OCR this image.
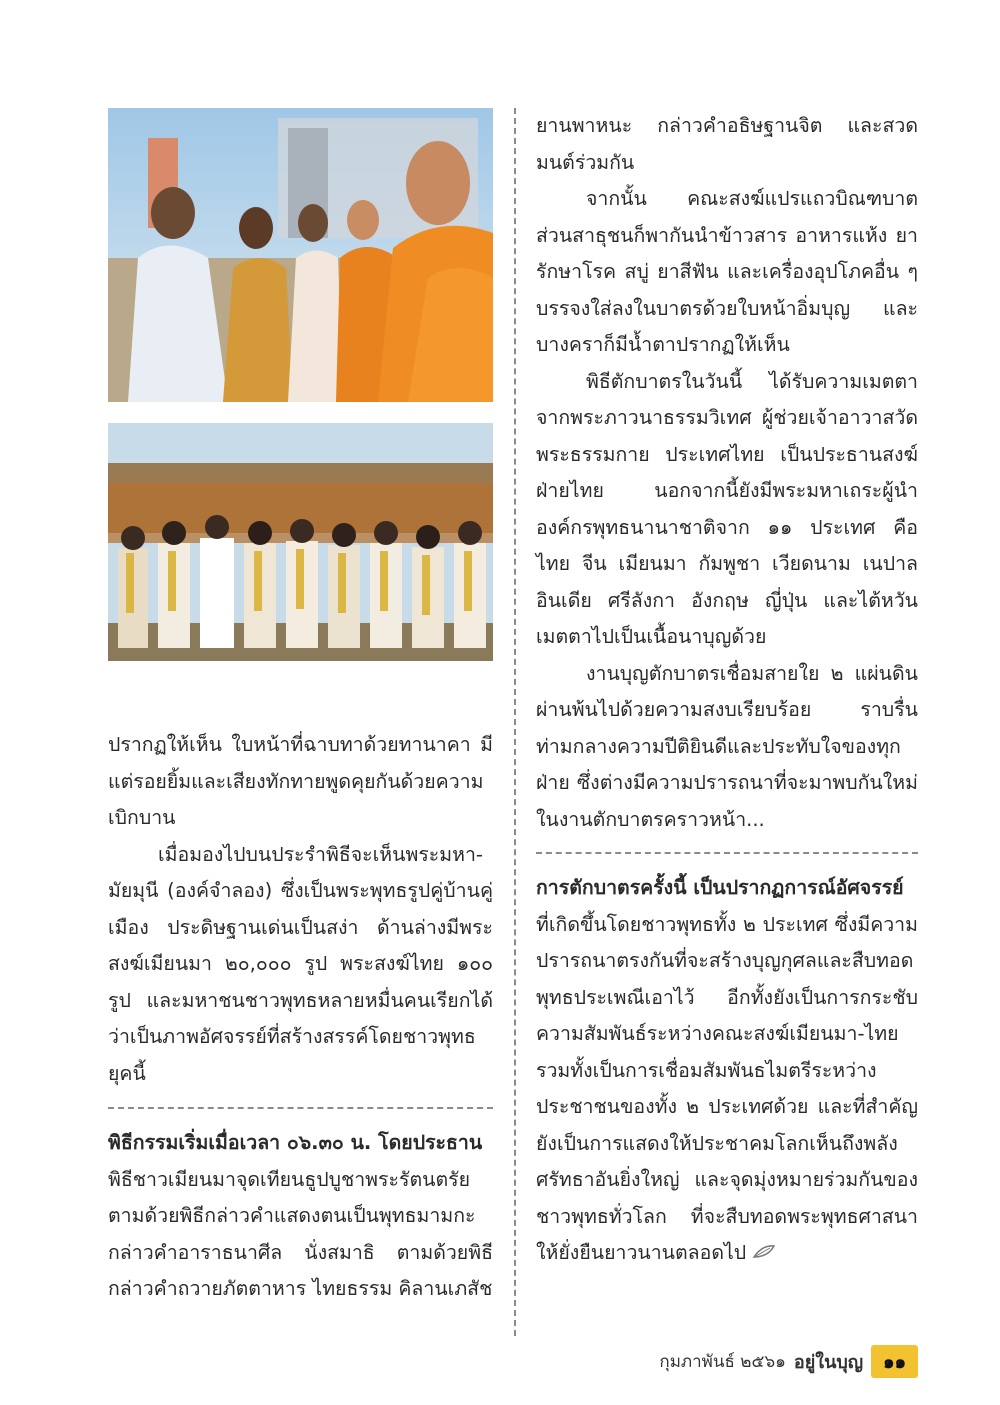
ปรากฏให้เห็น ใบหน้าที่ฉาบทาด้วยทานาคา มีแต่รอยยิ้มและเสียงทักทายพูดคุยกันด้วยความเบิกบาน

เมื่อมองไปบนประรำพิธีจะเห็นพระมหา-มัยมุนี (องค์จำลอง) ซึ่งเป็นพระพุทธรูปคู่บ้านคู่เมือง ประดิษฐานเด่นเป็นสง่า ด้านล่างมีพระสงฆ์เมียนมา ๒๐,๐๐๐ รูป พระสงฆ์ไทย ๑๐๐ รูป และมหาชนชาวพุทธหลายหมื่นคนเรียกได้ว่าเป็นภาพอัศจรรย์ที่สร้างสรรค์โดยชาวพุทธยุคนี้

พิธีกรรมเริ่มเมื่อเวลา ๐๖.๓๐ น. โดยประธาน
พิธีชาวเมียนมาจุดเทียนธูปบูชาพระรัตนตรัย ตามด้วยพิธีกล่าวคำแสดงตนเป็นพุทธมามกะ กล่าวคำอาราธนาศีล นั่งสมาธิ ตามด้วยพิธีกล่าวคำถวายภัตตาหาร ไทยธรรม คิลานเภสัช

ยานพาหนะ กล่าวคำอธิษฐานจิต และสวดมนต์ร่วมกัน

จากนั้น คณะสงฆ์แปรแถวบิณฑบาต ส่วนสาธุชนก็พากันนำข้าวสาร อาหารแห้ง ยารักษาโรค สบู่ ยาสีฟัน และเครื่องอุปโภคอื่น ๆ บรรจงใส่ลงในบาตรด้วยใบหน้าอิ่มบุญ และบางคราก็มีน้ำตาปรากฏให้เห็น

พิธีตักบาตรในวันนี้ ได้รับความเมตตาจากพระภาวนาธรรมวิเทศ ผู้ช่วยเจ้าอาวาสวัดพระธรรมกาย ประเทศไทย เป็นประธานสงฆ์ฝ่ายไทย นอกจากนี้ยังมีพระมหาเถระผู้นำองค์กรพุทธนานาชาติจาก ๑๑ ประเทศ คือ ไทย จีน เมียนมา กัมพูชา เวียดนาม เนปาล อินเดีย ศรีลังกา อังกฤษ ญี่ปุ่น และไต้หวัน เมตตาไปเป็นเนื้อนาบุญด้วย

งานบุญตักบาตรเชื่อมสายใย ๒ แผ่นดิน ผ่านพ้นไปด้วยความสงบเรียบร้อย ราบรื่น ท่ามกลางความปีติยินดีและประทับใจของทุกฝ่าย ซึ่งต่างมีความปรารถนาที่จะมาพบกันใหม่ในงานตักบาตรคราวหน้า...

การตักบาตรครั้งนี้ เป็นปรากฏการณ์อัศจรรย์
ที่เกิดขึ้นโดยชาวพุทธทั้ง ๒ ประเทศ ซึ่งมีความปรารถนาตรงกันที่จะสร้างบุญกุศลและสืบทอดพุทธประเพณีเอาไว้ อีกทั้งยังเป็นการกระชับความสัมพันธ์ระหว่างคณะสงฆ์เมียนมา-ไทย รวมทั้งเป็นการเชื่อมสัมพันธไมตรีระหว่างประชาชนของทั้ง ๒ ประเทศด้วย และที่สำคัญยังเป็นการแสดงให้ประชาคมโลกเห็นถึงพลังศรัทธาอันยิ่งใหญ่ และจุดมุ่งหมายร่วมกันของชาวพุทธทั่วโลก ที่จะสืบทอดพระพุทธศาสนาให้ยั่งยืนยาวนานตลอดไป

กุมภาพันธ์ ๒๕๖๑ อยู่ในบุญ	๑๑
